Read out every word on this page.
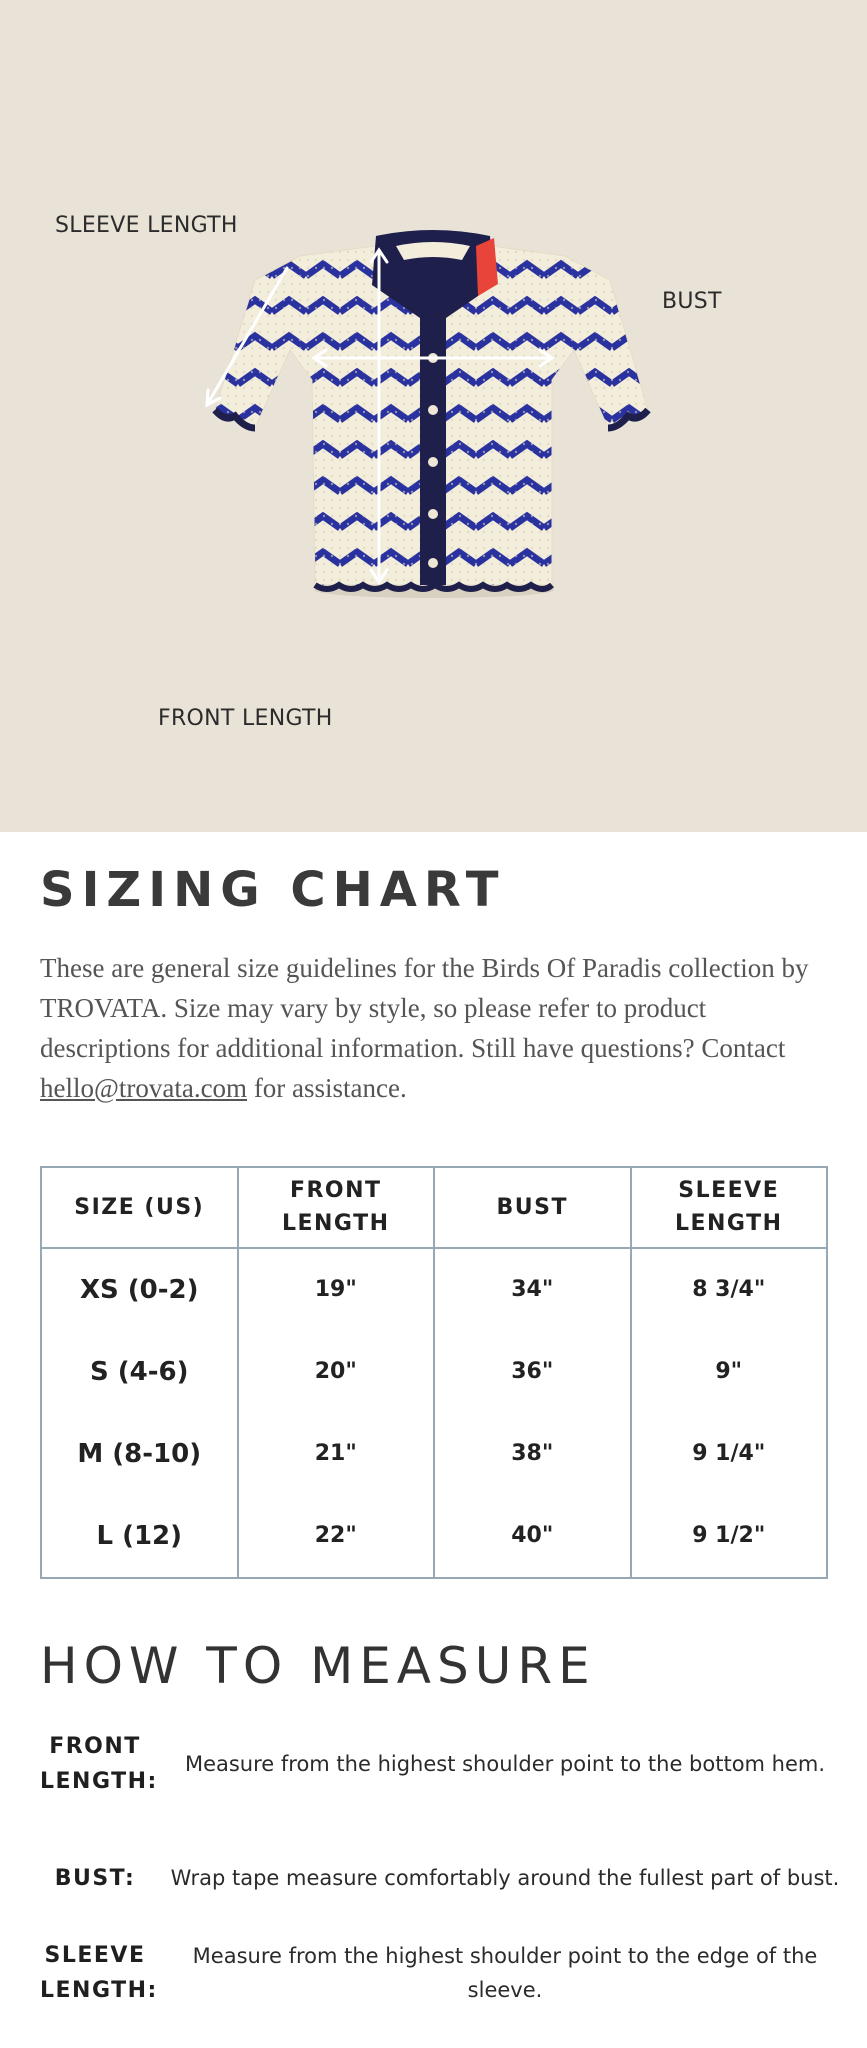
SLEEVE LENGTH
BUST
FRONT LENGTH
SIZING CHART

These are general size guidelines for the Birds Of Paradis collection by TROVATA. Size may vary by style, so please refer to product descriptions for additional information. Still have questions? Contact hello@trovata.com for assistance.

SIZE (US)	FRONT LENGTH	BUST	SLEEVE LENGTH

XS (0-2)	19"	34"	8 3/4"
S (4-6)	20"	36"	9"
M (8-10)	21"	38"	9 1/4"
L (12)	22"	40"	9 1/2"
HOW TO MEASURE
FRONT LENGTH:
Measure from the highest shoulder point to the bottom hem.
BUST:	Wrap tape measure comfortably around the fullest part of bust.
SLEEVE LENGTH:
Measure from the highest shoulder point to the edge of the sleeve.
